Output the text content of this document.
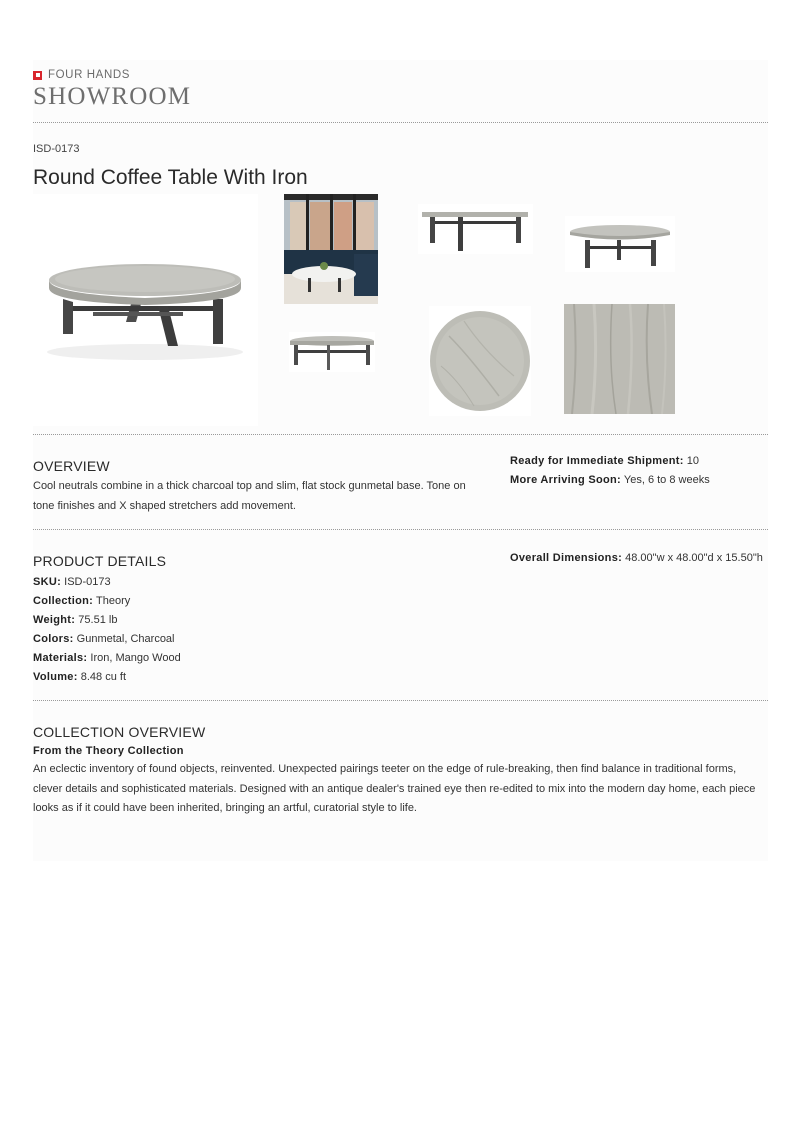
FOUR HANDS
SHOWROOM
ISD-0173
Round Coffee Table With Iron
OVERVIEW

Cool neutrals combine in a thick charcoal top and slim, flat stock gunmetal base. Tone on tone finishes and X shaped stretchers add movement.

Ready for Immediate Shipment: 10
More Arriving Soon: Yes, 6 to 8 weeks
PRODUCT DETAILS
SKU: ISD-0173
Collection: Theory
Weight: 75.51 lb
Colors: Gunmetal, Charcoal
Materials: Iron, Mango Wood
Volume: 8.48 cu ft
Overall Dimensions: 48.00"w x 48.00"d x 15.50"h
COLLECTION OVERVIEW
From the Theory Collection

An eclectic inventory of found objects, reinvented. Unexpected pairings teeter on the edge of rule-breaking, then find balance in traditional forms, clever details and sophisticated materials. Designed with an antique dealer's trained eye then re-edited to mix into the modern day home, each piece looks as if it could have been inherited, bringing an artful, curatorial style to life.
